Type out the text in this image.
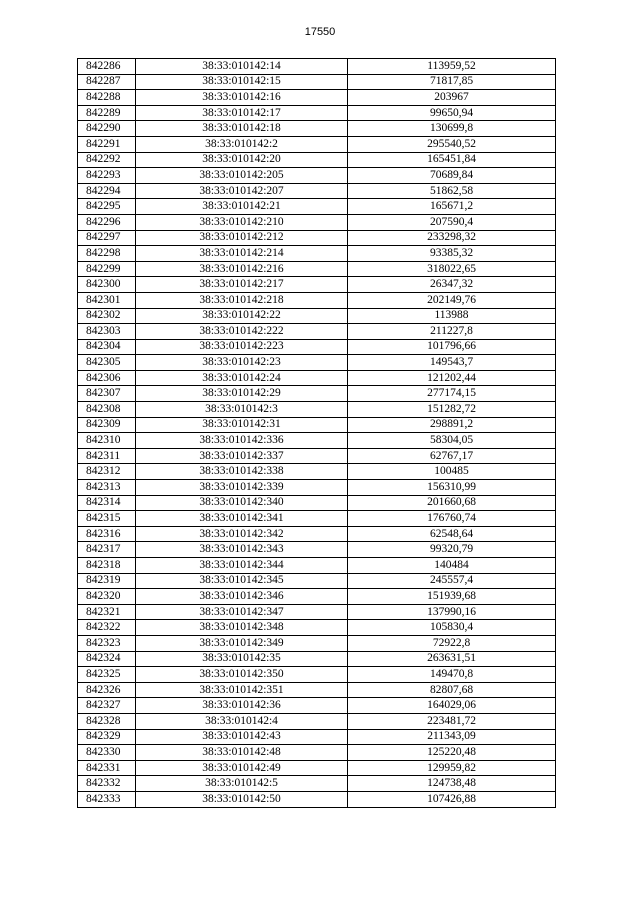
17550
842286	38:33:010142:14	113959,52
842287	38:33:010142:15	71817,85
842288	38:33:010142:16	203967
842289	38:33:010142:17	99650,94
842290	38:33:010142:18	130699,8
842291	38:33:010142:2	295540,52
842292	38:33:010142:20	165451,84
842293	38:33:010142:205	70689,84
842294	38:33:010142:207	51862,58
842295	38:33:010142:21	165671,2
842296	38:33:010142:210	207590,4
842297	38:33:010142:212	233298,32
842298	38:33:010142:214	93385,32
842299	38:33:010142:216	318022,65
842300	38:33:010142:217	26347,32
842301	38:33:010142:218	202149,76
842302	38:33:010142:22	113988
842303	38:33:010142:222	211227,8
842304	38:33:010142:223	101796,66
842305	38:33:010142:23	149543,7
842306	38:33:010142:24	121202,44
842307	38:33:010142:29	277174,15
842308	38:33:010142:3	151282,72
842309	38:33:010142:31	298891,2
842310	38:33:010142:336	58304,05
842311	38:33:010142:337	62767,17
842312	38:33:010142:338	100485
842313	38:33:010142:339	156310,99
842314	38:33:010142:340	201660,68
842315	38:33:010142:341	176760,74
842316	38:33:010142:342	62548,64
842317	38:33:010142:343	99320,79
842318	38:33:010142:344	140484
842319	38:33:010142:345	245557,4
842320	38:33:010142:346	151939,68
842321	38:33:010142:347	137990,16
842322	38:33:010142:348	105830,4
842323	38:33:010142:349	72922,8
842324	38:33:010142:35	263631,51
842325	38:33:010142:350	149470,8
842326	38:33:010142:351	82807,68
842327	38:33:010142:36	164029,06
842328	38:33:010142:4	223481,72
842329	38:33:010142:43	211343,09
842330	38:33:010142:48	125220,48
842331	38:33:010142:49	129959,82
842332	38:33:010142:5	124738,48
842333	38:33:010142:50	107426,88
